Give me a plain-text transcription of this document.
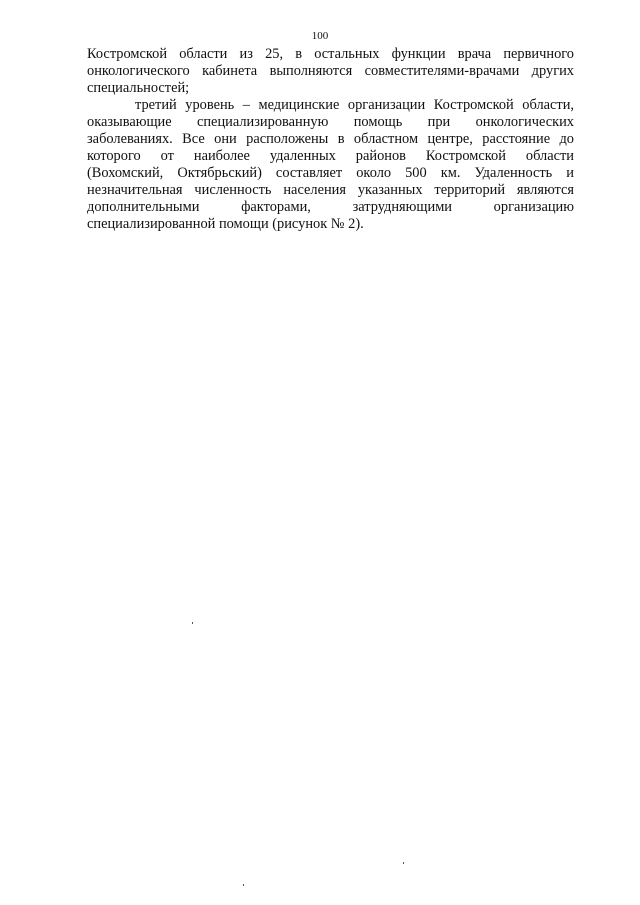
100

Костромской области из 25, в остальных функции врача первичного
онкологического кабинета выполняются совместителями-врачами других
специальностей;

третий уровень – медицинские организации Костромской области,
оказывающие специализированную помощь при онкологических
заболеваниях. Все они расположены в областном центре, расстояние до
которого от наиболее удаленных районов Костромской области
(Вохомский, Октябрьский) составляет около 500 км. Удаленность и
незначительная численность населения указанных территорий являются
дополнительными факторами, затрудняющими организацию
специализированной помощи (рисунок № 2).
